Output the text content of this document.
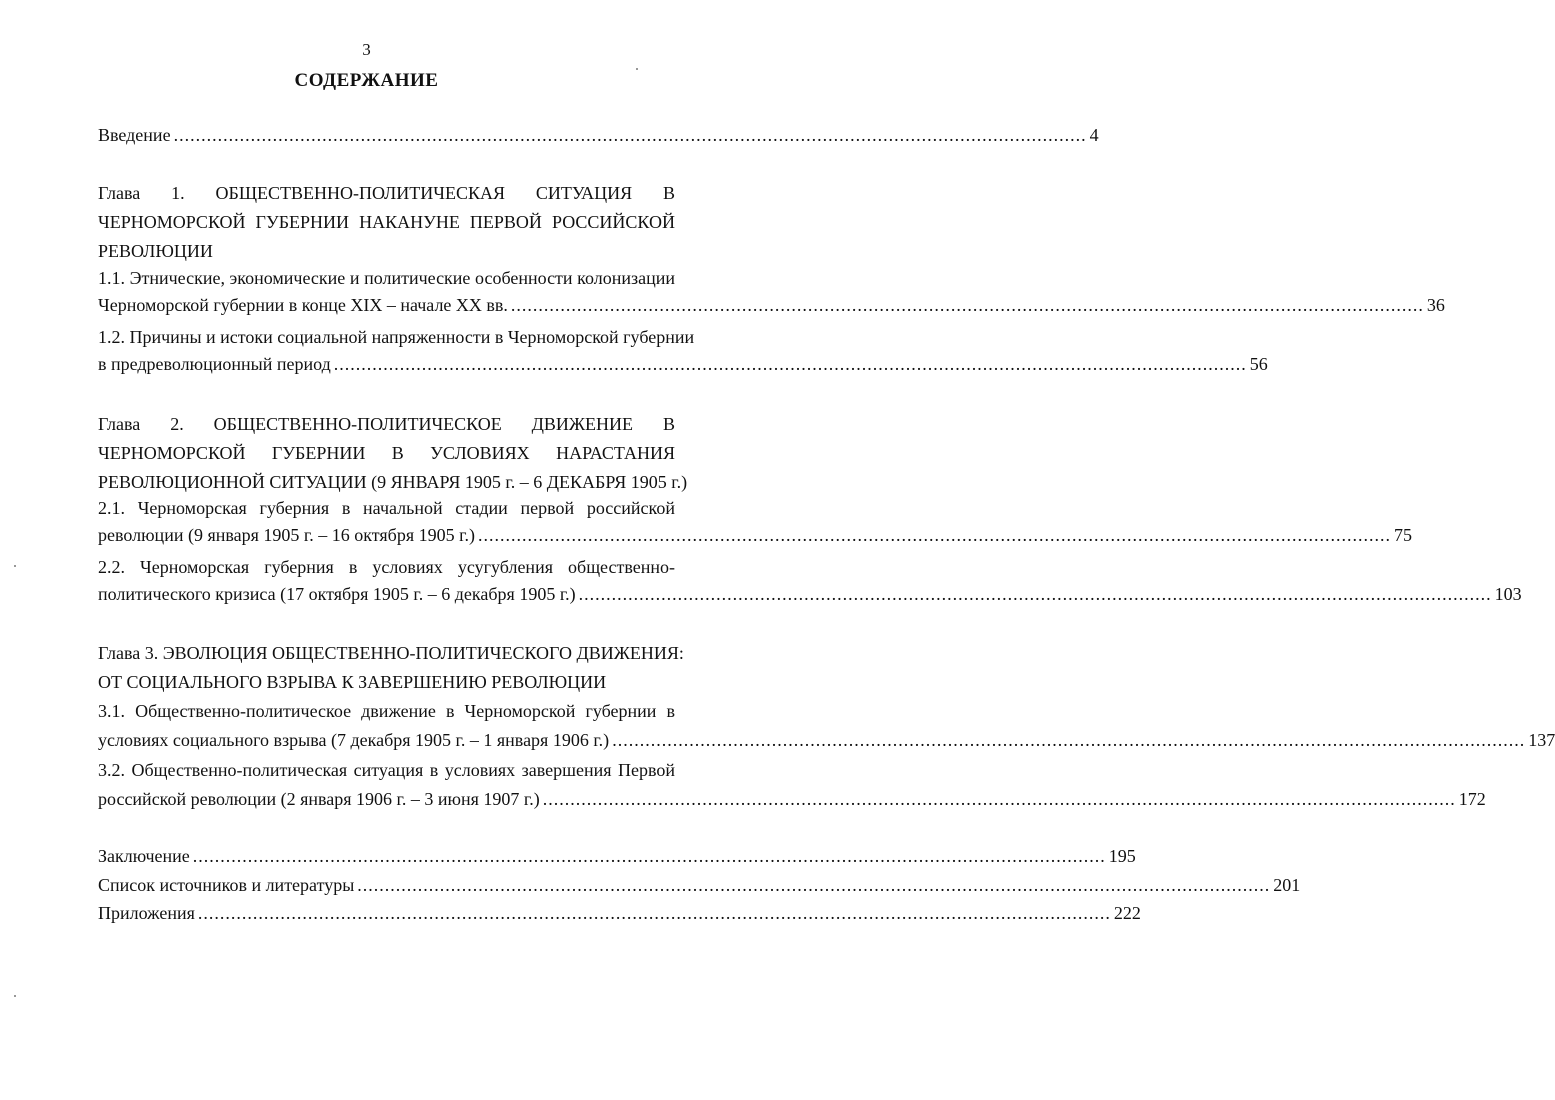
3
СОДЕРЖАНИЕ
Введение ...................................................................................................................................................................... 4
Глава 1. ОБЩЕСТВЕННО-ПОЛИТИЧЕСКАЯ СИТУАЦИЯ В
ЧЕРНОМОРСКОЙ ГУБЕРНИИ НАКАНУНЕ ПЕРВОЙ РОССИЙСКОЙ
РЕВОЛЮЦИИ
1.1. Этнические, экономические и политические особенности колонизации
Черноморской губернии в конце XIX – начале XX вв. ...................................................................................................................................................................... 36
1.2. Причины и истоки социальной напряженности в Черноморской губернии
в предреволюционный период ...................................................................................................................................................................... 56
Глава 2. ОБЩЕСТВЕННО-ПОЛИТИЧЕСКОЕ ДВИЖЕНИЕ В
ЧЕРНОМОРСКОЙ ГУБЕРНИИ В УСЛОВИЯХ НАРАСТАНИЯ
РЕВОЛЮЦИОННОЙ СИТУАЦИИ (9 ЯНВАРЯ 1905 г. – 6 ДЕКАБРЯ 1905 г.)
2.1. Черноморская губерния в начальной стадии первой российской
революции (9 января 1905 г. – 16 октября 1905 г.) ...................................................................................................................................................................... 75
2.2. Черноморская губерния в условиях усугубления общественно-
политического кризиса (17 октября 1905 г. – 6 декабря 1905 г.) ...................................................................................................................................................................... 103
Глава 3. ЭВОЛЮЦИЯ ОБЩЕСТВЕННО-ПОЛИТИЧЕСКОГО ДВИЖЕНИЯ:
ОТ СОЦИАЛЬНОГО ВЗРЫВА К ЗАВЕРШЕНИЮ РЕВОЛЮЦИИ
3.1. Общественно-политическое движение в Черноморской губернии в
условиях социального взрыва (7 декабря 1905 г. – 1 января 1906 г.) ...................................................................................................................................................................... 137
3.2. Общественно-политическая ситуация в условиях завершения Первой
российской революции (2 января 1906 г. – 3 июня 1907 г.) ...................................................................................................................................................................... 172
Заключение ...................................................................................................................................................................... 195
Список источников и литературы ...................................................................................................................................................................... 201
Приложения ...................................................................................................................................................................... 222
